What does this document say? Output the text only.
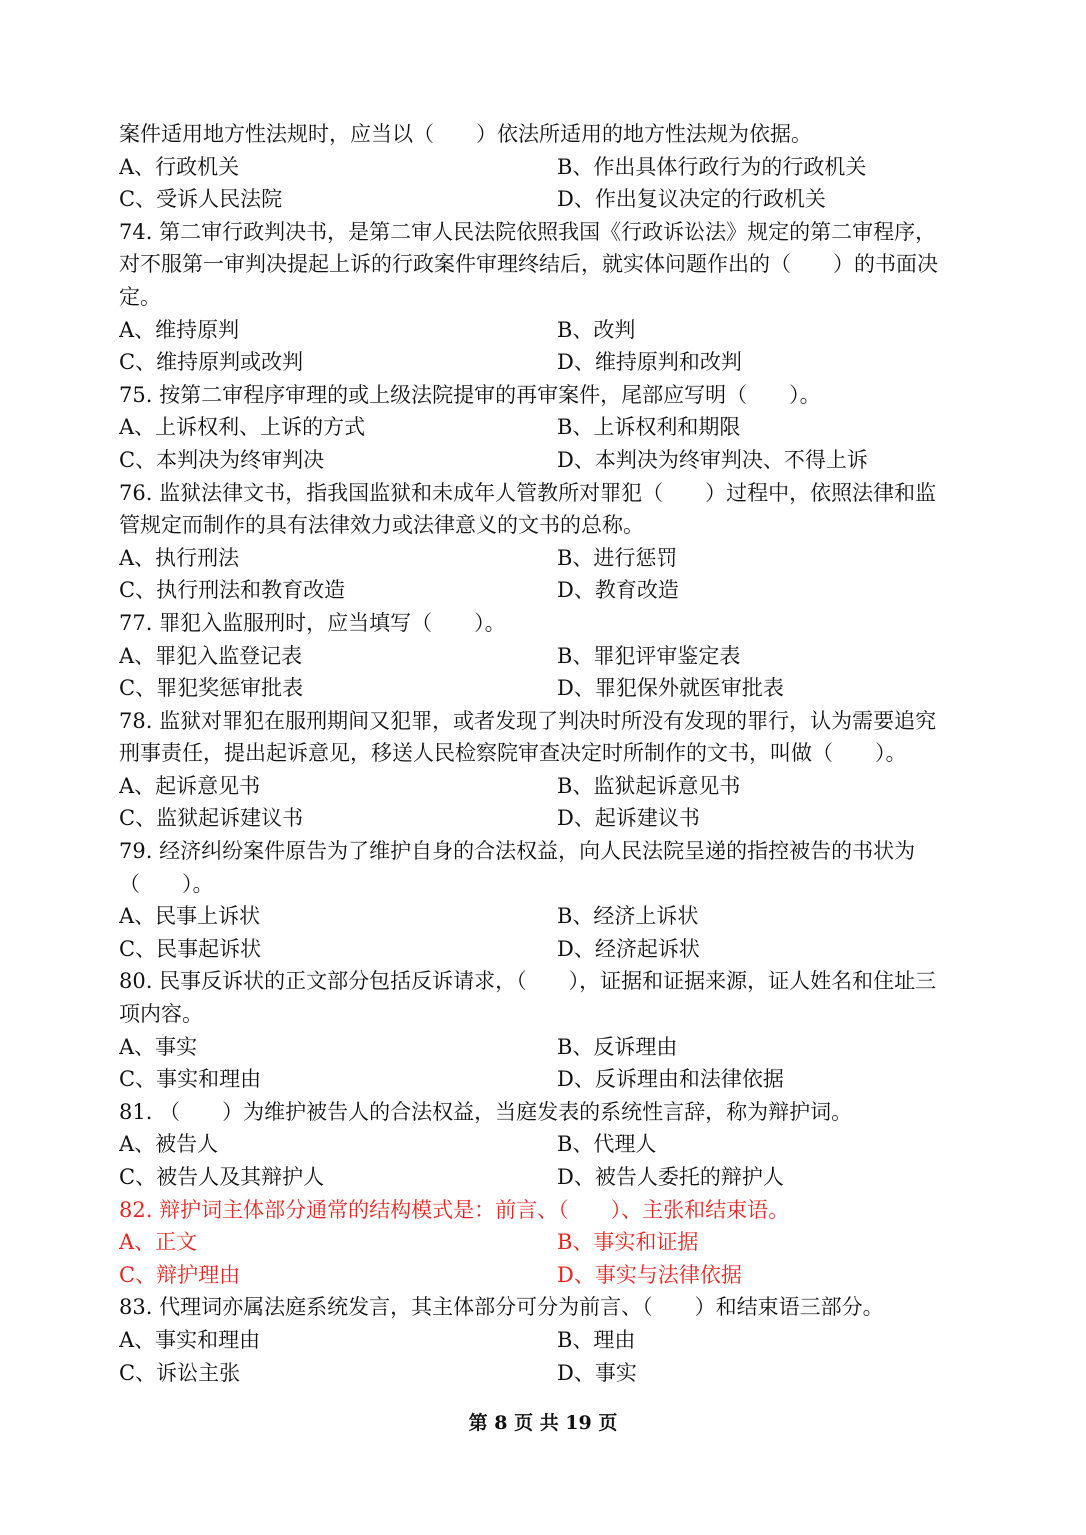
案件适用地方性法规时，应当以（　　）依法所适用的地方性法规为依据。
A、行政机关	B、作出具体行政行为的行政机关
C、受诉人民法院	D、作出复议决定的行政机关
74. 第二审行政判决书，是第二审人民法院依照我国《行政诉讼法》规定的第二审程序，
对不服第一审判决提起上诉的行政案件审理终结后，就实体问题作出的（　　）的书面决
定。
A、维持原判	B、改判
C、维持原判或改判	D、维持原判和改判
75. 按第二审程序审理的或上级法院提审的再审案件，尾部应写明（　　）。
A、上诉权利、上诉的方式	B、上诉权利和期限
C、本判决为终审判决	D、本判决为终审判决、不得上诉
76. 监狱法律文书，指我国监狱和未成年人管教所对罪犯（　　）过程中，依照法律和监
管规定而制作的具有法律效力或法律意义的文书的总称。
A、执行刑法	B、进行惩罚
C、执行刑法和教育改造	D、教育改造
77. 罪犯入监服刑时，应当填写（　　）。
A、罪犯入监登记表	B、罪犯评审鉴定表
C、罪犯奖惩审批表	D、罪犯保外就医审批表
78. 监狱对罪犯在服刑期间又犯罪，或者发现了判决时所没有发现的罪行，认为需要追究
刑事责任，提出起诉意见，移送人民检察院审查决定时所制作的文书，叫做（　　）。
A、起诉意见书	B、监狱起诉意见书
C、监狱起诉建议书	D、起诉建议书
79. 经济纠纷案件原告为了维护自身的合法权益，向人民法院呈递的指控被告的书状为
（　　）。
A、民事上诉状	B、经济上诉状
C、民事起诉状	D、经济起诉状
80. 民事反诉状的正文部分包括反诉请求，（　　），证据和证据来源，证人姓名和住址三
项内容。
A、事实	B、反诉理由
C、事实和理由	D、反诉理由和法律依据
81. （　　）为维护被告人的合法权益，当庭发表的系统性言辞，称为辩护词。
A、被告人	B、代理人
C、被告人及其辩护人	D、被告人委托的辩护人
82. 辩护词主体部分通常的结构模式是：前言、（　　）、主张和结束语。
A、正文	B、事实和证据
C、辩护理由	D、事实与法律依据
83. 代理词亦属法庭系统发言，其主体部分可分为前言、（　　）和结束语三部分。
A、事实和理由	B、理由
C、诉讼主张	D、事实
第 8 页 共 19 页
